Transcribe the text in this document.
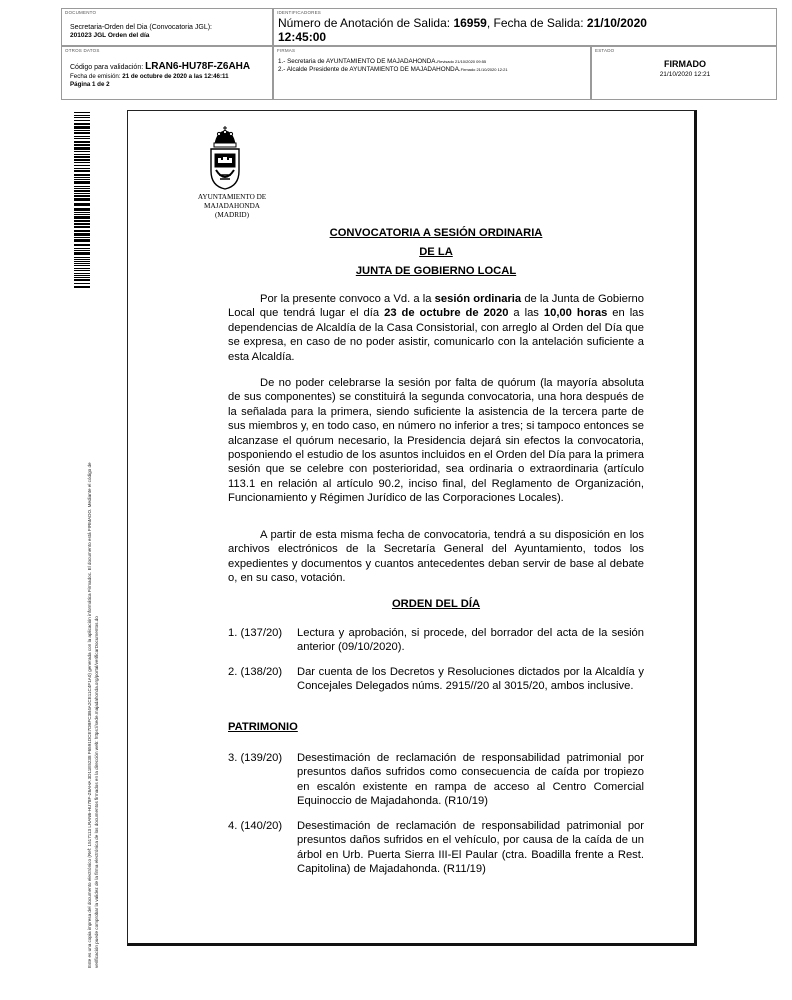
DOCUMENTO
Secretaria-Orden del Dia (Convocatoria JGL):
201023 JGL Orden del día
IDENTIFICADORES
Número de Anotación de Salida: 16959, Fecha de Salida: 21/10/2020
12:45:00
OTROS DATOS
Código para validación: LRAN6-HU78F-Z6AHA
Fecha de emisión: 21 de octubre de 2020 a las 12:46:11
Página 1 de 2
FIRMAS
1.- Secretaria de AYUNTAMIENTO DE MAJADAHONDA.Revisado 21/10/2020 09:55
2.- Alcalde Presidente de AYUNTAMIENTO DE MAJADAHONDA.Firmado 21/10/2020 12:21
ESTADO
FIRMADO
21/10/2020 12:21
Este es una copia impresa del documento electrónico (Ref: 1517113 LRAN6-HU78F-Z6AHA 3D11E5238 F6591DCE7DBFC3B4A2CE11C4F1A0) generada con la aplicación informática Firmadoc. El documento está FIRMADO. Mediante el código de verificación puede comprobar la validez de la firma electrónica de los documentos firmados en la dirección web: https://sede.majadahonda.org/portal/verificarDocumentos.do
AYUNTAMIENTO DE
MAJADAHONDA
(MADRID)
CONVOCATORIA A SESIÓN ORDINARIA
DE LA
JUNTA DE GOBIERNO LOCAL
Por la presente convoco a Vd. a la sesión ordinaria de la Junta de Gobierno Local que tendrá lugar el día 23 de octubre de 2020 a las 10,00 horas en las dependencias de Alcaldía de la Casa Consistorial, con arreglo al Orden del Día que se expresa, en caso de no poder asistir, comunicarlo con la antelación suficiente a esta Alcaldía.
De no poder celebrarse la sesión por falta de quórum (la mayoría absoluta de sus componentes) se constituirá la segunda convocatoria, una hora después de la señalada para la primera, siendo suficiente la asistencia de la tercera parte de sus miembros y, en todo caso, en número no inferior a tres; si tampoco entonces se alcanzase el quórum necesario, la Presidencia dejará sin efectos la convocatoria, posponiendo el estudio de los asuntos incluidos en el Orden del Día para la primera sesión que se celebre con posterioridad, sea ordinaria o extraordinaria (artículo 113.1 en relación al artículo 90.2, inciso final, del Reglamento de Organización, Funcionamiento y Régimen Jurídico de las Corporaciones Locales).
A partir de esta misma fecha de convocatoria, tendrá a su disposición en los archivos electrónicos de la Secretaría General del Ayuntamiento, todos los expedientes y documentos y cuantos antecedentes deban servir de base al debate o, en su caso, votación.
ORDEN DEL DÍA
1. (137/20) Lectura y aprobación, si procede, del borrador del acta de la sesión anterior (09/10/2020).
2. (138/20) Dar cuenta de los Decretos y Resoluciones dictados por la Alcaldía y Concejales Delegados núms. 2915//20 al 3015/20, ambos inclusive.
PATRIMONIO
3. (139/20) Desestimación de reclamación de responsabilidad patrimonial por presuntos daños sufridos como consecuencia de caída por tropiezo en escalón existente en rampa de acceso al Centro Comercial Equinoccio de Majadahonda. (R10/19)
4. (140/20) Desestimación de reclamación de responsabilidad patrimonial por presuntos daños sufridos en el vehículo, por causa de la caída de un árbol en Urb. Puerta Sierra III-El Paular (ctra. Boadilla frente a Rest. Capitolina) de Majadahonda. (R11/19)
